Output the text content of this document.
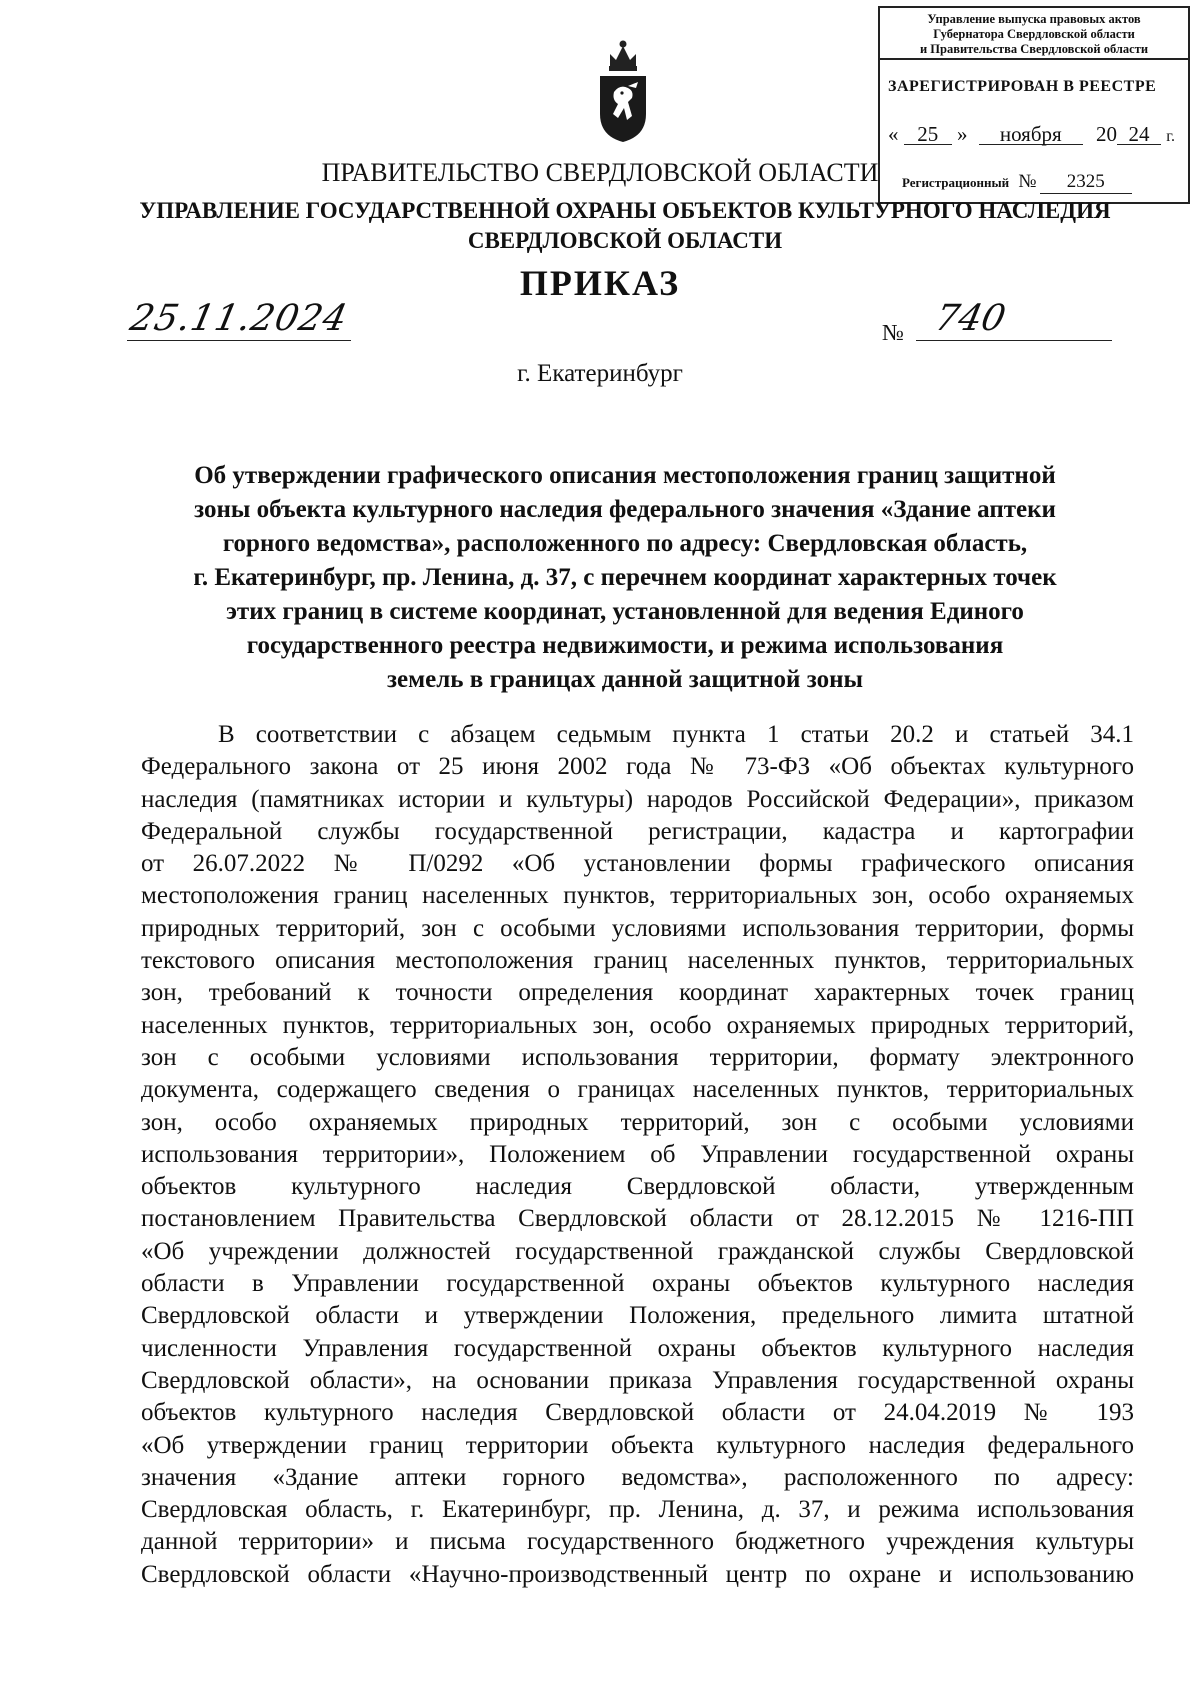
Управление выпуска правовых актов
Губернатора Свердловской области
и Правительства Свердловской области
ЗАРЕГИСТРИРОВАН В РЕЕСТРЕ
« 25 » ноября 20 24 г.
Регистрационный № 2325
ПРАВИТЕЛЬСТВО СВЕРДЛОВСКОЙ ОБЛАСТИ
УПРАВЛЕНИЕ ГОСУДАРСТВЕННОЙ ОХРАНЫ ОБЪЕКТОВ КУЛЬТУРНОГО НАСЛЕДИЯ
СВЕРДЛОВСКОЙ ОБЛАСТИ
ПРИКАЗ
25.11.2024	№ 740
г. Екатеринбург
Об утверждении графического описания местоположения границ защитной
зоны объекта культурного наследия федерального значения «Здание аптеки
горного ведомства», расположенного по адресу: Свердловская область,
г. Екатеринбург, пр. Ленина, д. 37, с перечнем координат характерных точек
этих границ в системе координат, установленной для ведения Единого
государственного реестра недвижимости, и режима использования
земель в границах данной защитной зоны
В соответствии с абзацем седьмым пункта 1 статьи 20.2 и статьей 34.1
Федерального закона от 25 июня 2002 года № 73-ФЗ «Об объектах культурного
наследия (памятниках истории и культуры) народов Российской Федерации», приказом
Федеральной службы государственной регистрации, кадастра и картографии
от 26.07.2022 № П/0292 «Об установлении формы графического описания
местоположения границ населенных пунктов, территориальных зон, особо охраняемых
природных территорий, зон с особыми условиями использования территории, формы
текстового описания местоположения границ населенных пунктов, территориальных
зон, требований к точности определения координат характерных точек границ
населенных пунктов, территориальных зон, особо охраняемых природных территорий,
зон с особыми условиями использования территории, формату электронного
документа, содержащего сведения о границах населенных пунктов, территориальных
зон, особо охраняемых природных территорий, зон с особыми условиями
использования территории», Положением об Управлении государственной охраны
объектов культурного наследия Свердловской области, утвержденным
постановлением Правительства Свердловской области от 28.12.2015 № 1216-ПП
«Об учреждении должностей государственной гражданской службы Свердловской
области в Управлении государственной охраны объектов культурного наследия
Свердловской области и утверждении Положения, предельного лимита штатной
численности Управления государственной охраны объектов культурного наследия
Свердловской области», на основании приказа Управления государственной охраны
объектов культурного наследия Свердловской области от 24.04.2019 № 193
«Об утверждении границ территории объекта культурного наследия федерального
значения «Здание аптеки горного ведомства», расположенного по адресу:
Свердловская область, г. Екатеринбург, пр. Ленина, д. 37, и режима использования
данной территории» и письма государственного бюджетного учреждения культуры
Свердловской области «Научно-производственный центр по охране и использованию
